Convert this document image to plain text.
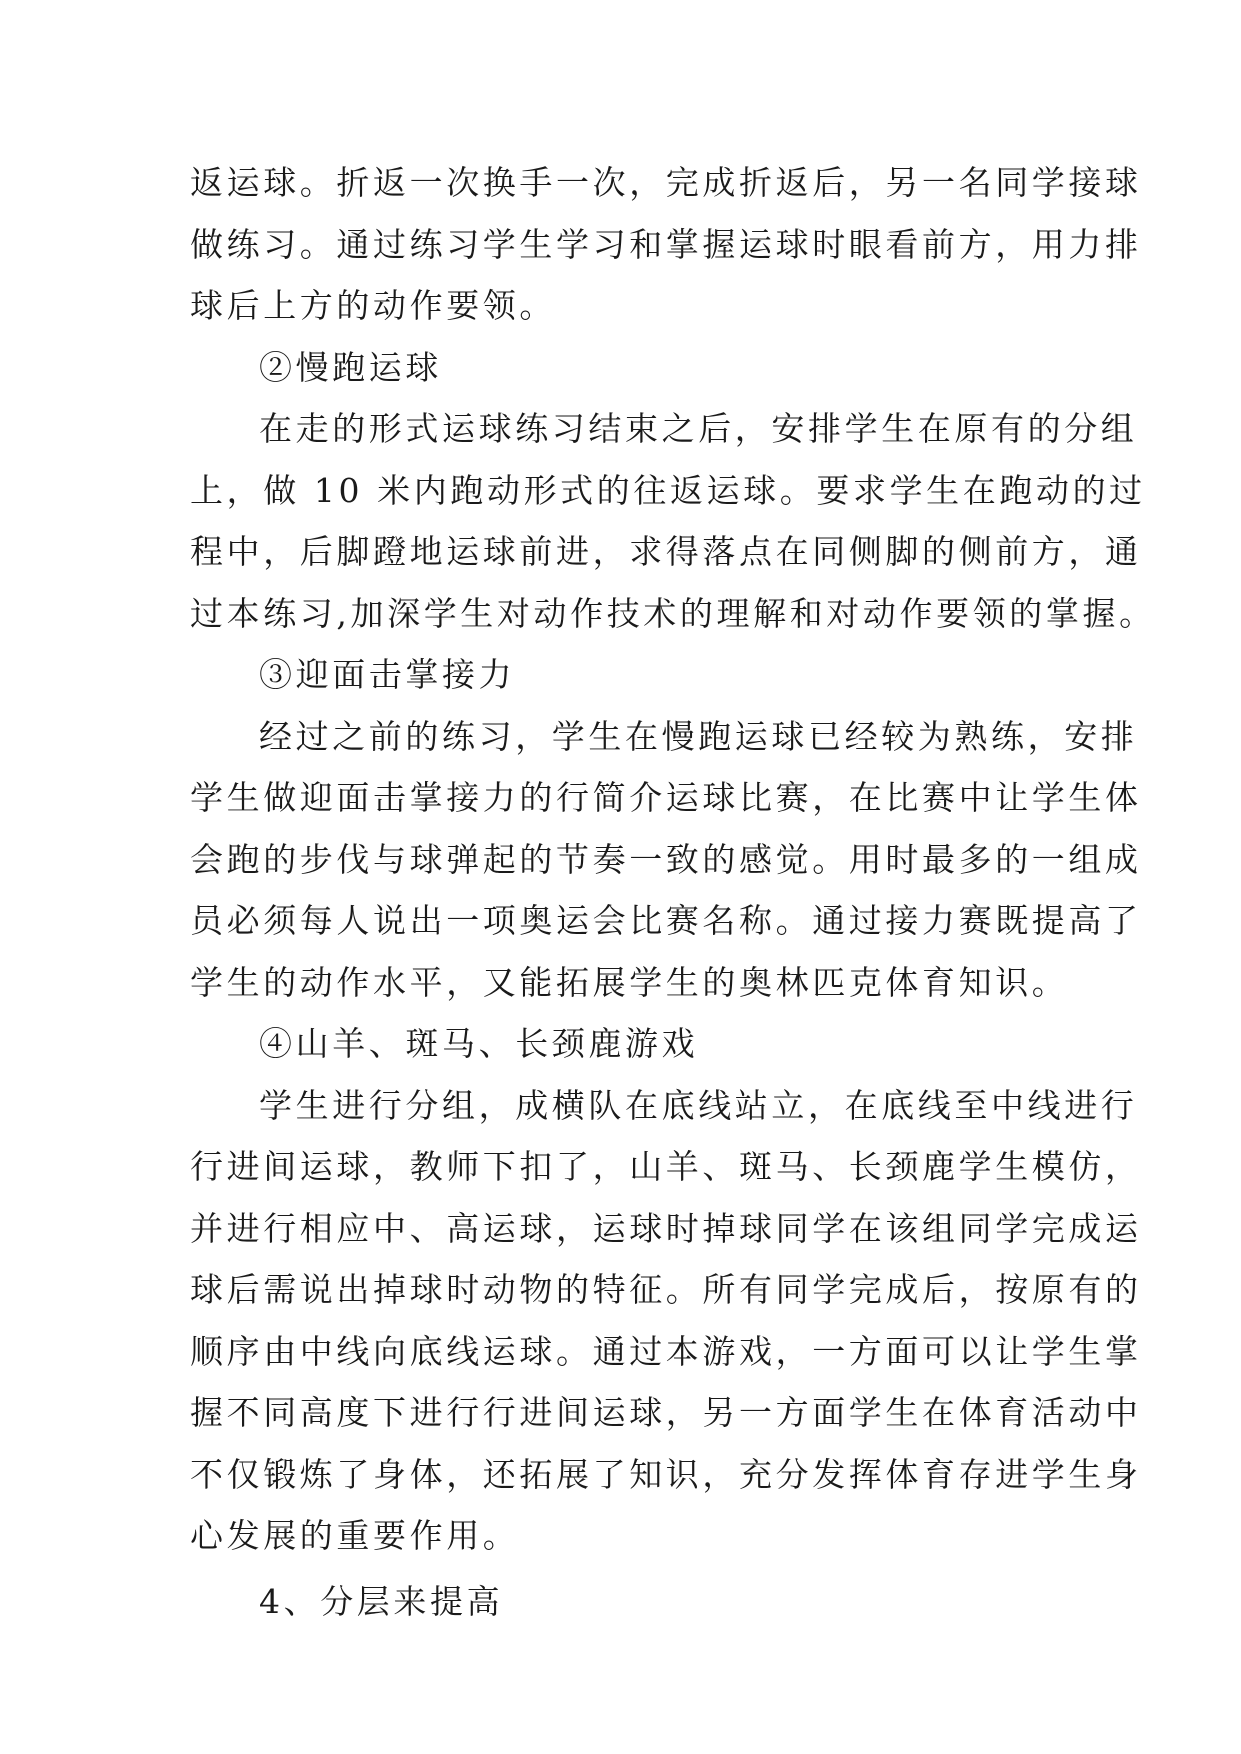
返运球。折返一次换手一次，完成折返后，另一名同学接球
做练习。通过练习学生学习和掌握运球时眼看前方，用力排
球后上方的动作要领。
②慢跑运球
在走的形式运球练习结束之后，安排学生在原有的分组
上，做 10 米内跑动形式的往返运球。要求学生在跑动的过
程中，后脚蹬地运球前进，求得落点在同侧脚的侧前方，通
过本练习,加深学生对动作技术的理解和对动作要领的掌握。
③迎面击掌接力
经过之前的练习，学生在慢跑运球已经较为熟练，安排
学生做迎面击掌接力的行简介运球比赛，在比赛中让学生体
会跑的步伐与球弹起的节奏一致的感觉。用时最多的一组成
员必须每人说出一项奥运会比赛名称。通过接力赛既提高了
学生的动作水平，又能拓展学生的奥林匹克体育知识。
④山羊、斑马、长颈鹿游戏
学生进行分组，成横队在底线站立，在底线至中线进行
行进间运球，教师下扣了，山羊、斑马、长颈鹿学生模仿，
并进行相应中、高运球，运球时掉球同学在该组同学完成运
球后需说出掉球时动物的特征。所有同学完成后，按原有的
顺序由中线向底线运球。通过本游戏，一方面可以让学生掌
握不同高度下进行行进间运球，另一方面学生在体育活动中
不仅锻炼了身体，还拓展了知识，充分发挥体育存进学生身
心发展的重要作用。
4、分层来提高
